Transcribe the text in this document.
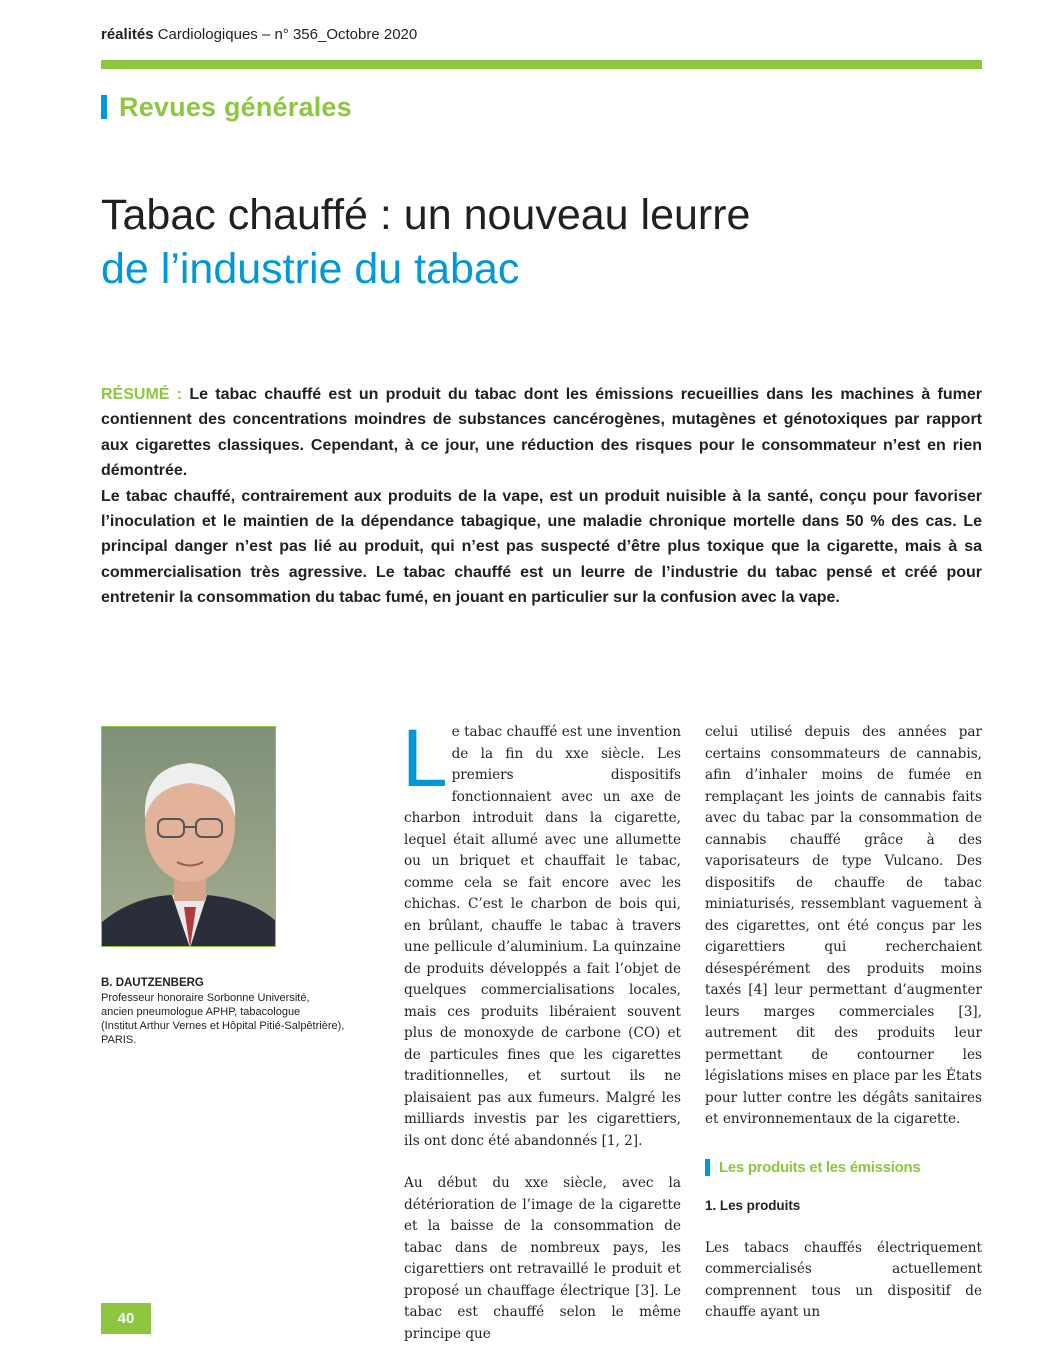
réalités Cardiologiques – n° 356_Octobre 2020
Revues générales
Tabac chauffé : un nouveau leurre
de l’industrie du tabac

RÉSUMÉ : Le tabac chauffé est un produit du tabac dont les émissions recueillies dans les machines à fumer contiennent des concentrations moindres de substances cancérogènes, mutagènes et génotoxiques par rapport aux cigarettes classiques. Cependant, à ce jour, une réduction des risques pour le consommateur n’est en rien démontrée.

Le tabac chauffé, contrairement aux produits de la vape, est un produit nuisible à la santé, conçu pour favoriser l’inoculation et le maintien de la dépendance tabagique, une maladie chronique mortelle dans 50 % des cas. Le principal danger n’est pas lié au produit, qui n’est pas suspecté d’être plus toxique que la cigarette, mais à sa commercialisation très agressive. Le tabac chauffé est un leurre de l’industrie du tabac pensé et créé pour entretenir la consommation du tabac fumé, en jouant en particulier sur la confusion avec la vape.

B. DAUTZENBERG
Professeur honoraire Sorbonne Université,
ancien pneumologue APHP, tabacologue
(Institut Arthur Vernes et Hôpital Pitié-Salpêtrière),
PARIS.

L e tabac chauffé est une invention de la fin du xxe siècle. Les premiers dispositifs fonctionnaient avec un axe de charbon introduit dans la cigarette, lequel était allumé avec une allumette ou un briquet et chauffait le tabac, comme cela se fait encore avec les chichas. C’est le charbon de bois qui, en brûlant, chauffe le tabac à travers une pellicule d’aluminium. La quinzaine de produits développés a fait l’objet de quelques commercialisations locales, mais ces produits libéraient souvent plus de monoxyde de carbone (CO) et de particules fines que les cigarettes traditionnelles, et surtout ils ne plaisaient pas aux fumeurs. Malgré les milliards investis par les cigarettiers, ils ont donc été abandonnés [1, 2].

Au début du xxe siècle, avec la détérioration de l’image de la cigarette et la baisse de la consommation de tabac dans de nombreux pays, les cigarettiers ont retravaillé le produit et proposé un chauffage électrique [3]. Le tabac est chauffé selon le même principe que

celui utilisé depuis des années par certains consommateurs de cannabis, afin d’inhaler moins de fumée en remplaçant les joints de cannabis faits avec du tabac par la consommation de cannabis chauffé grâce à des vaporisateurs de type Vulcano. Des dispositifs de chauffe de tabac miniaturisés, ressemblant vaguement à des cigarettes, ont été conçus par les cigarettiers qui recherchaient désespérément des produits moins taxés [4] leur permettant d’augmenter leurs marges commerciales [3], autrement dit des produits leur permettant de contourner les législations mises en place par les États pour lutter contre les dégâts sanitaires et environnementaux de la cigarette.

Les produits et les émissions
1. Les produits

Les tabacs chauffés électriquement commercialisés actuellement comprennent tous un dispositif de chauffe ayant un

40
